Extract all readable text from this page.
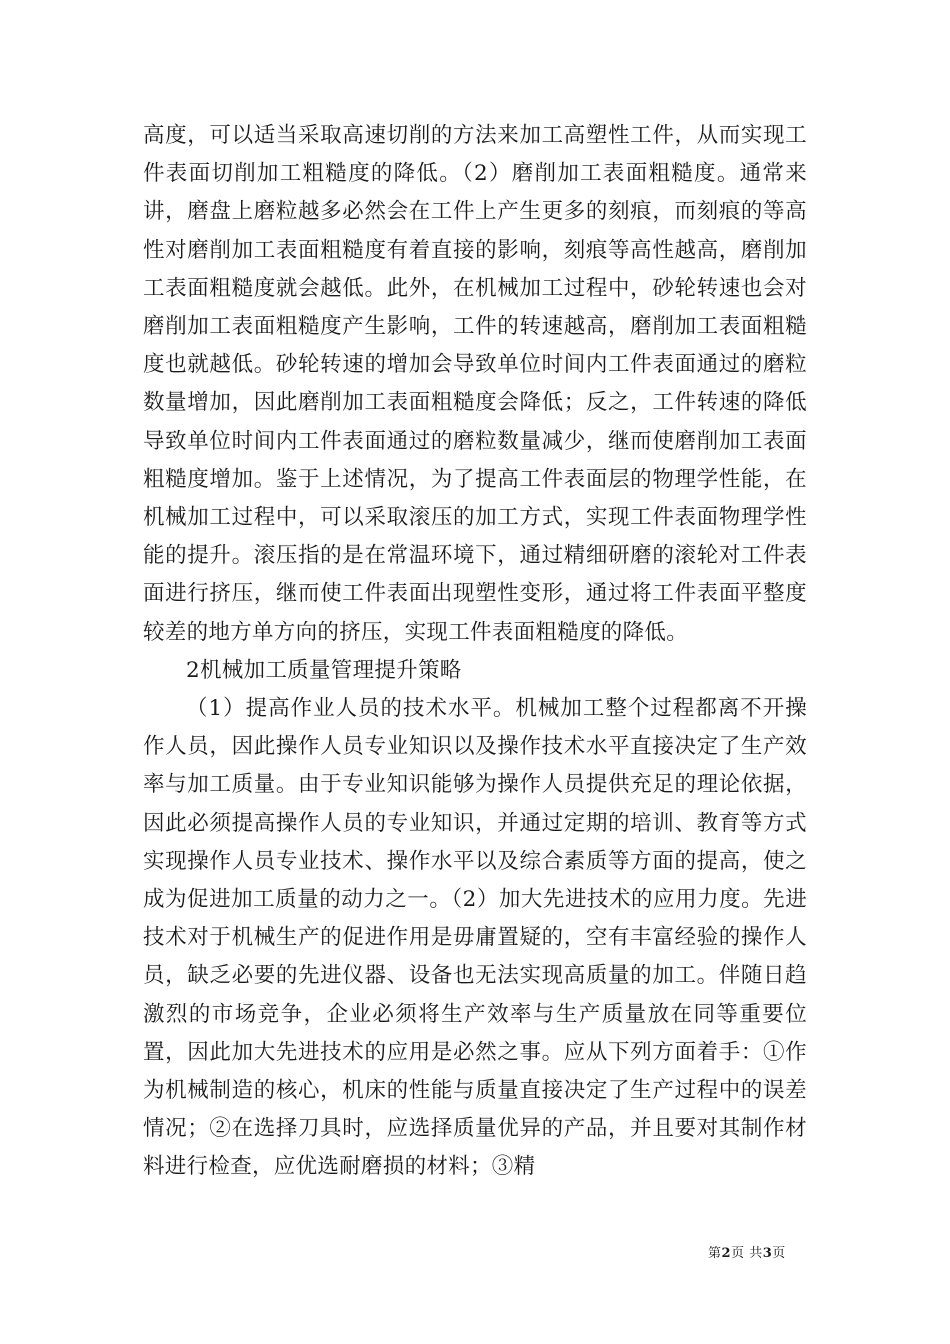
高度，可以适当采取高速切削的方法来加工高塑性工件，从而实现工件表面切削加工粗糙度的降低。（2）磨削加工表面粗糙度。通常来讲，磨盘上磨粒越多必然会在工件上产生更多的刻痕，而刻痕的等高性对磨削加工表面粗糙度有着直接的影响，刻痕等高性越高，磨削加工表面粗糙度就会越低。此外，在机械加工过程中，砂轮转速也会对磨削加工表面粗糙度产生影响，工件的转速越高，磨削加工表面粗糙度也就越低。砂轮转速的增加会导致单位时间内工件表面通过的磨粒数量增加，因此磨削加工表面粗糙度会降低；反之，工件转速的降低导致单位时间内工件表面通过的磨粒数量减少，继而使磨削加工表面粗糙度增加。鉴于上述情况，为了提高工件表面层的物理学性能，在机械加工过程中，可以采取滚压的加工方式，实现工件表面物理学性能的提升。滚压指的是在常温环境下，通过精细研磨的滚轮对工件表面进行挤压，继而使工件表面出现塑性变形，通过将工件表面平整度较差的地方单方向的挤压，实现工件表面粗糙度的降低。

2机械加工质量管理提升策略

（1）提高作业人员的技术水平。机械加工整个过程都离不开操作人员，因此操作人员专业知识以及操作技术水平直接决定了生产效率与加工质量。由于专业知识能够为操作人员提供充足的理论依据，因此必须提高操作人员的专业知识，并通过定期的培训、教育等方式实现操作人员专业技术、操作水平以及综合素质等方面的提高，使之成为促进加工质量的动力之一。（2）加大先进技术的应用力度。先进技术对于机械生产的促进作用是毋庸置疑的，空有丰富经验的操作人员，缺乏必要的先进仪器、设备也无法实现高质量的加工。伴随日趋激烈的市场竞争，企业必须将生产效率与生产质量放在同等重要位置，因此加大先进技术的应用是必然之事。应从下列方面着手：①作为机械制造的核心，机床的性能与质量直接决定了生产过程中的误差情况；②在选择刀具时，应选择质量优异的产品，并且要对其制作材料进行检查，应优选耐磨损的材料；③精

第2页 共3页
